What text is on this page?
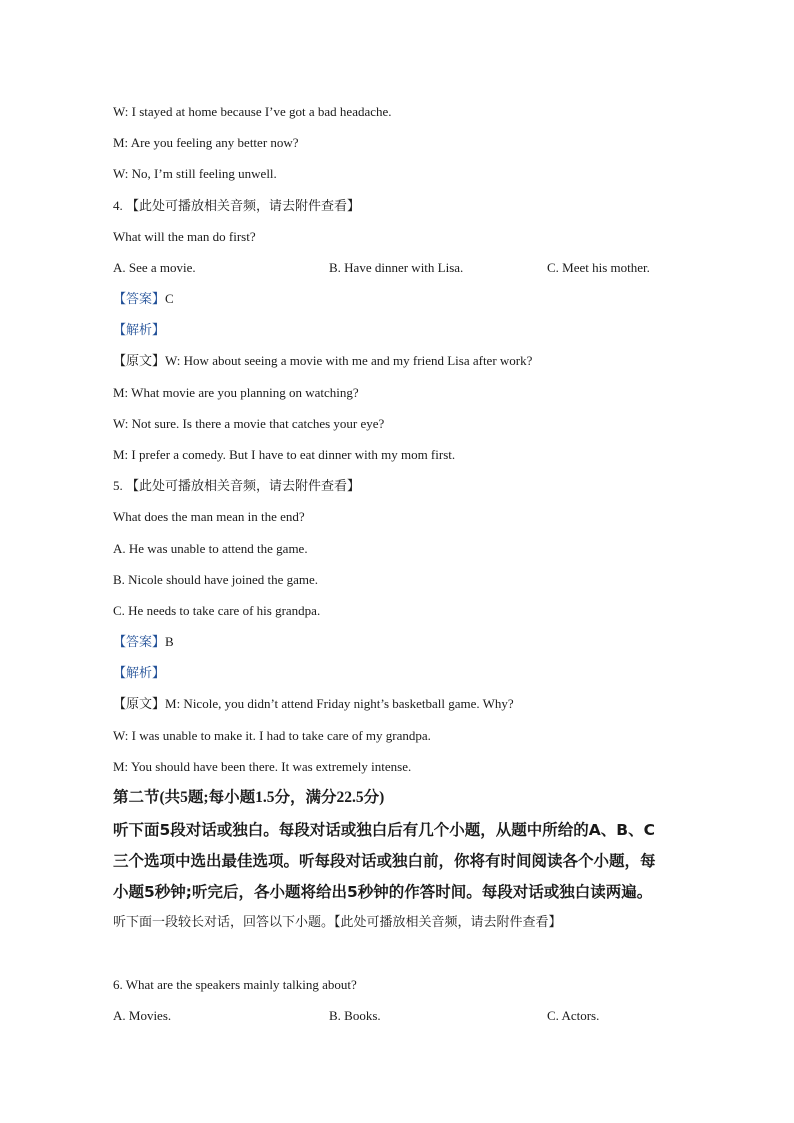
W: I stayed at home because I’ve got a bad headache.
M: Are you feeling any better now?
W: No, I’m still feeling unwell.
4. 【此处可播放相关音频，请去附件查看】
What will the man do first?
A. See a movie.	B. Have dinner with Lisa.	C. Meet his mother.
【答案】C
【解析】
【原文】W: How about seeing a movie with me and my friend Lisa after work?
M: What movie are you planning on watching?
W: Not sure. Is there a movie that catches your eye?
M: I prefer a comedy. But I have to eat dinner with my mom first.
5. 【此处可播放相关音频，请去附件查看】
What does the man mean in the end?
A. He was unable to attend the game.
B. Nicole should have joined the game.
C. He needs to take care of his grandpa.
【答案】B
【解析】
【原文】M: Nicole, you didn’t attend Friday night’s basketball game. Why?
W: I was unable to make it. I had to take care of my grandpa.
M: You should have been there. It was extremely intense.
第二节(共5题;每小题1.5分，满分22.5分)
听下面5段对话或独白。每段对话或独白后有几个小题，从题中所给的A、B、C
三个选项中选出最佳选项。听每段对话或独白前，你将有时间阅读各个小题，每
小题5秒钟;听完后，各小题将给出5秒钟的作答时间。每段对话或独白读两遍。
听下面一段较长对话，回答以下小题。【此处可播放相关音频，请去附件查看】
6. What are the speakers mainly talking about?
A. Movies.	B. Books.	C. Actors.
